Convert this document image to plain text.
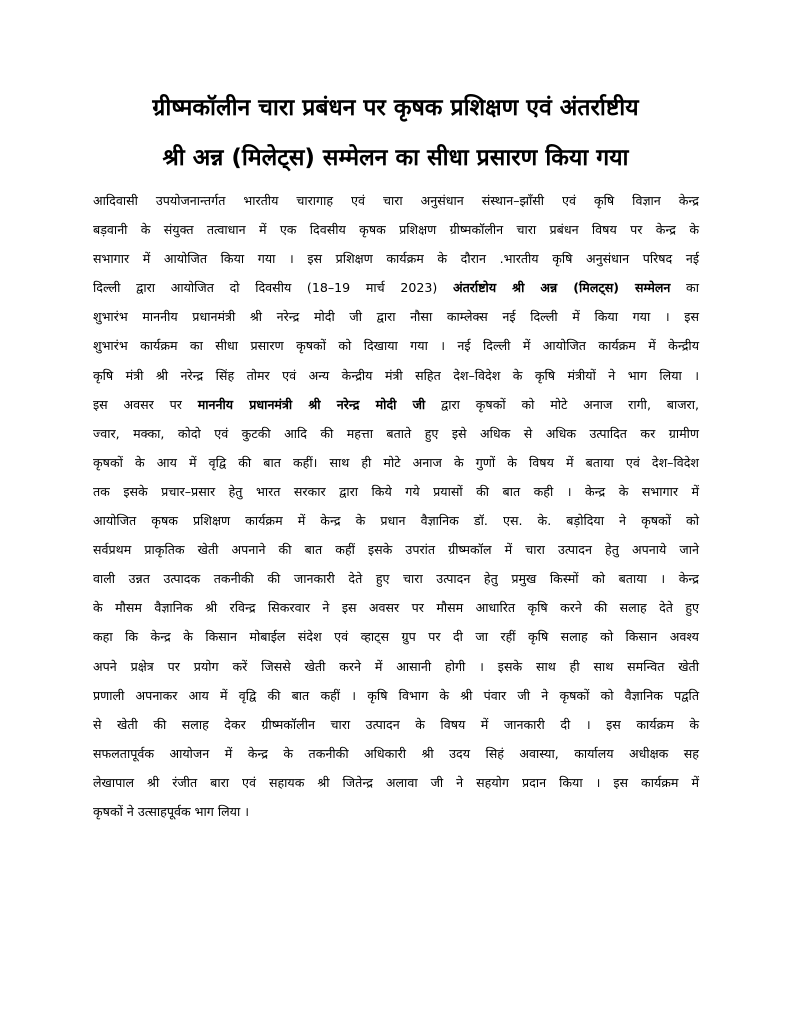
ग्रीष्मकॉलीन चारा प्रबंधन पर कृषक प्रशिक्षण एवं अंतर्राष्टीय
श्री अन्न (मिलेट्स) सम्मेलन का सीधा प्रसारण किया गया
आदिवासी उपयोजनान्तर्गत भारतीय चारागाह एवं चारा अनुसंधान संस्थान–झाँसी एवं कृषि विज्ञान केन्द्र
बड़वानी के संयुक्त तत्वाधान में एक दिवसीय कृषक प्रशिक्षण ग्रीष्मकॉलीन चारा प्रबंधन विषय पर केन्द्र के
सभागार में आयोजित किया गया । इस प्रशिक्षण कार्यक्रम के दौरान .भारतीय कृषि अनुसंधान परिषद नई
दिल्ली द्वारा आयोजित दो दिवसीय (18–19 मार्च 2023) अंतर्राष्टोय श्री अन्न (मिलट्स) सम्मेलन का
शुभारंभ माननीय प्रधानमंत्री श्री नरेन्द्र मोदी जी द्वारा नौसा काम्लेक्स नई दिल्ली में किया गया । इस
शुभारंभ कार्यक्रम का सीधा प्रसारण कृषकों को दिखाया गया । नई दिल्ली में आयोजित कार्यक्रम में केन्द्रीय
कृषि मंत्री श्री नरेन्द्र सिंह तोमर एवं अन्य केन्द्रीय मंत्री सहित देश–विदेश के कृषि मंत्रीयों ने भाग लिया ।
इस अवसर पर माननीय प्रधानमंत्री श्री नरेन्द्र मोदी जी द्वारा कृषकों को मोटे अनाज रागी, बाजरा,
ज्वार, मक्का, कोदो एवं कुटकी आदि की महत्ता बताते हुए इसे अधिक से अधिक उत्पादित कर ग्रामीण
कृषकों के आय में वृद्वि की बात कहीं। साथ ही मोटे अनाज के गुणों के विषय में बताया एवं देश–विदेश
तक इसके प्रचार–प्रसार हेतु भारत सरकार द्वारा किये गये प्रयासों की बात कही । केन्द्र के सभागार में
आयोजित कृषक प्रशिक्षण कार्यक्रम में केन्द्र के प्रधान वैज्ञानिक डॉ. एस. के. बड़ोदिया ने कृषकों को
सर्वप्रथम प्राकृतिक खेती अपनाने की बात कहीं इसके उपरांत ग्रीष्मकॉल में चारा उत्पादन हेतु अपनाये जाने
वाली उन्नत उत्पादक तकनीकी की जानकारी देते हुए चारा उत्पादन हेतु प्रमुख किस्मों को बताया । केन्द्र
के मौसम वैज्ञानिक श्री रविन्द्र सिकरवार ने इस अवसर पर मौसम आधारित कृषि करने की सलाह देते हुए
कहा कि केन्द्र के किसान मोबाईल संदेश एवं व्हाट्स ग्रुप पर दी जा रहीं कृषि सलाह को किसान अवश्य
अपने प्रक्षेत्र पर प्रयोग करें जिससे खेती करने में आसानी होगी । इसके साथ ही साथ समन्वित खेती
प्रणाली अपनाकर आय में वृद्वि की बात कहीं । कृषि विभाग के श्री पंवार जी ने कृषकों को वैज्ञानिक पद्वति
से खेती की सलाह देकर ग्रीष्मकॉलीन चारा उत्पादन के विषय में जानकारी दी । इस कार्यक्रम के
सफलतापूर्वक आयोजन में केन्द्र के तकनीकी अधिकारी श्री उदय सिहं अवास्या, कार्यालय अधीक्षक सह
लेखापाल श्री रंजीत बारा एवं सहायक श्री जितेन्द्र अलावा जी ने सहयोग प्रदान किया । इस कार्यक्रम में
कृषकों ने उत्साहपूर्वक भाग लिया ।
